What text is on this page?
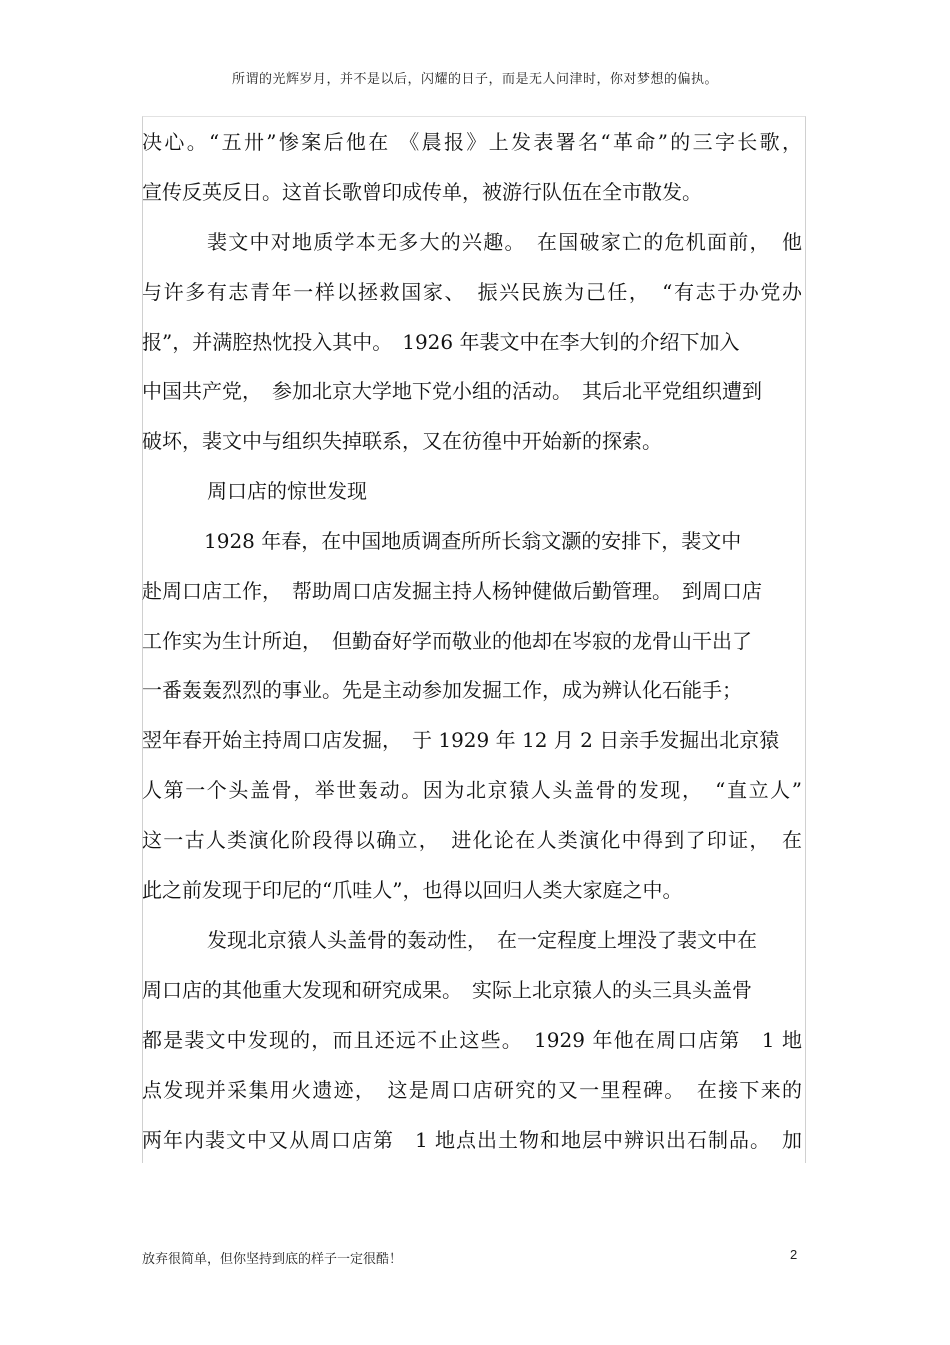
所谓的光辉岁月，并不是以后，闪耀的日子，而是无人问津时，你对梦想的偏执。
决心。“五卅”惨案后他在 《晨报》上发表署名“革命”的三字长歌，
宣传反英反日。这首长歌曾印成传单，被游行队伍在全市散发。
裴文中对地质学本无多大的兴趣。　在国破家亡的危机面前，　他
与许多有志青年一样以拯救国家、　振兴民族为己任，　“有志于办党办
报”，并满腔热忱投入其中。　1926 年裴文中在李大钊的介绍下加入
中国共产党，　参加北京大学地下党小组的活动。　其后北平党组织遭到
破坏，裴文中与组织失掉联系，又在彷徨中开始新的探索。
周口店的惊世发现
1928 年春，在中国地质调查所所长翁文灏的安排下，裴文中
赴周口店工作，　帮助周口店发掘主持人杨钟健做后勤管理。　到周口店
工作实为生计所迫，　但勤奋好学而敬业的他却在岑寂的龙骨山干出了
一番轰轰烈烈的事业。先是主动参加发掘工作，成为辨认化石能手；
翌年春开始主持周口店发掘，　于 1929 年 12 月 2 日亲手发掘出北京猿
人第一个头盖骨，举世轰动。因为北京猿人头盖骨的发现，　“直立人”
这一古人类演化阶段得以确立，　进化论在人类演化中得到了印证，　在
此之前发现于印尼的“爪哇人”，也得以回归人类大家庭之中。
发现北京猿人头盖骨的轰动性，　在一定程度上埋没了裴文中在
周口店的其他重大发现和研究成果。　实际上北京猿人的头三具头盖骨
都是裴文中发现的，而且还远不止这些。　1929 年他在周口店第　1 地
点发现并采集用火遗迹，　这是周口店研究的又一里程碑。　在接下来的
两年内裴文中又从周口店第　1 地点出土物和地层中辨识出石制品。　加
放弃很简单，但你坚持到底的样子一定很酷！	2
